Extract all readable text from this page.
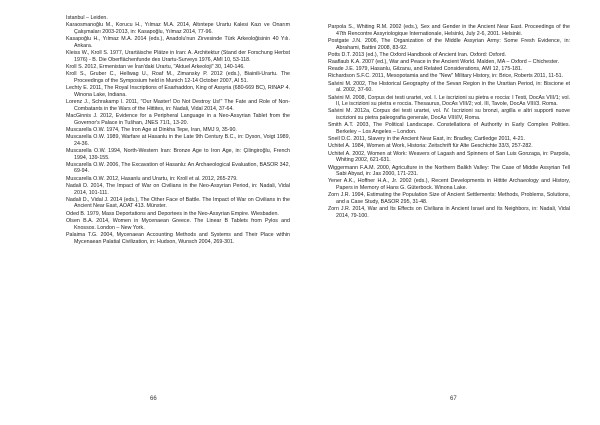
Istanbul – Leiden.
Karaosmanoğlu M., Korucu H., Yılmaz M.A. 2014, Altıntepe Urartu Kalesi Kazı ve Onarım Çalışmaları 2003-2013, in: Kasapoğlu, Yılmaz 2014, 77-96.
Kasapoğlu H., Yılmaz M.A. 2014 (eds.), Anadolu'nun Zirvesinde Türk Arkeoloğisinin 40 Yılı. Ankara.
Kleiss W., Kroll S. 1977, Urartäische Plätze in Iran: A. Architektur (Stand der Forschung Herbst 1976) - B. Die Oberflächenfunde des Urartu-Surveys 1976, AMI 10, 53-118.
Kroll S. 2012, Ermenistan ve İran'daki Urartu, "Aktuel Arkeoloji" 30, 140-146.
Kroll S., Gruber C., Hellwag U., Roaf M., Zimansky P. 2012 (eds.), Biainili-Urartu. The Proceedings of the Symposium held in Munich 12-14 October 2007, AI 51.
Lechty E. 2011, The Royal Inscriptions of Esarhaddon, King of Assyria (680-669 BC), RINAP 4. Winona Lake, Indiana.
Lorenz J., Schrakamp I. 2011, "Our Master! Do Not Destroy Us!" The Fate and Role of Non-Combatants in the Wars of the Hittites, in: Nadali, Vidal 2014, 37-64.
MacGinnis J. 2012, Evidence for a Peripheral Language in a Neo-Assyrian Tablet from the Governor's Palace in Tušhan, JNES 71/1, 13-20.
Muscarella O.W. 1974, The Iron Age at Dinkha Tepe, Iran, MMJ 9, 35-90.
Muscarella O.W. 1989, Warfare at Hasanlu in the Late 9th Century B.C., in: Dyson, Voigt 1989, 24-36.
Muscarella O.W. 1994, North-Western Iran: Bronze Age to Iron Age, in: Çilingiroğlu, French 1994, 139-155.
Muscarella O.W. 2006, The Excavation of Hasanlu: An Archaeological Evaluation, BASOR 342, 69-94.
Muscarella O.W. 2012, Hasanlu and Urartu, in: Kroll et al. 2012, 265-279.
Nadali D. 2014, The Impact of War on Civilians in the Neo-Assyrian Period, in: Nadali, Vidal 2014, 101-111.
Nadali D., Vidal J. 2014 (eds.), The Other Face of Battle. The Impact of War on Civilians in the Ancient Near East, AOAT 413. Münster.
Oded B. 1979, Mass Deportations and Deportees in the Neo-Assyrian Empire. Wiesbaden.
Olsen B.A. 2014, Women in Mycenaean Greece. The Linear B Tablets from Pylos and Knossos. London – New York.
Palaima T.G. 2004, Mycenaean Accounting Methods and Systems and Their Place within Mycenaean Palatial Civilization, in: Hudson, Wunsch 2004, 269-301.
66
Parpola S., Whiting R.M. 2002 (eds.), Sex and Gender in the Ancient Near East. Proceedings of the 47th Rencontre Assyriologique Internationale, Helsinki, July 2-6, 2001. Helsinki.
Postgate J.N. 2006, The Organization of the Middle Assyrian Army: Some Fresh Evidence, in: Abrahami, Battini 2008, 83-92.
Potts D.T. 2013 (ed.), The Oxford Handbook of Ancient Iran. Oxford: Oxford.
Raaflaub K.A. 2007 (ed.), War and Peace in the Ancient World. Malden, MA – Oxford – Chichester.
Reade J.E. 1979, Hasanlu, Gilzanu, and Related Considerations, AMI 12, 175-181.
Richardson S.F.C. 2011, Mesopotamia and the "New" Military History, in: Brice, Roberts 2011, 11-51.
Salvini M. 2002, The Historical Geography of the Sevan Region in the Urartian Period, in: Biscione et al. 2002, 37-60.
Salvini M. 2008, Corpus dei testi urartei, vol. I. Le iscrizioni su pietra e roccia: I Testi, DocAs VIII/1; vol. II, Le iscrizioni su pietra e roccia. Thesaurus, DocAs VIII/2; vol. III, Tavole, DocAs VIII/3. Roma.
Salvini M. 2012a, Corpus dei testi urartei, vol. IV. Iscrizioni su bronzi, argilla e altri supporti nuove iscrizioni su pietra paleografia generale, DocAs VIII/IV, Roma.
Smith A.T. 2003, The Political Landscape. Constellations of Authority in Early Complex Polities. Berkeley – Los Angeles – London.
Snell D.C. 2011, Slavery in the Ancient Near East, in: Bradley, Cartledge 2011, 4-21.
Uchitel A. 1984, Women at Work, Historia: Zeitschrift für Alte Geschichte 33/3, 257-282.
Uchitel A. 2002, Women at Work: Weavers of Lagash and Spinners of San Luis Gonzaga, in: Parpola, Whiting 2002, 621-631.
Wiggermann F.A.M. 2000, Agriculture in the Northern Balikh Valley: The Case of Middle Assyrian Tell Sabi Abyad, in: Jas 2000, 171-231.
Yener A.K., Hoffner H.A., Jr. 2002 (eds.), Recent Developments in Hittite Archaeology and History, Papers in Memory of Hans G. Güterbock. Winona Lake.
Zorn J.R. 1994, Estimating the Population Size of Ancient Settlements: Methods, Problems, Solutions, and a Case Study, BASOR 295, 31-48.
Zorn J.R. 2014, War and Its Effects on Civilians in Ancient Israel and Its Neighbors, in: Nadali, Vidal 2014, 79-100.
67
